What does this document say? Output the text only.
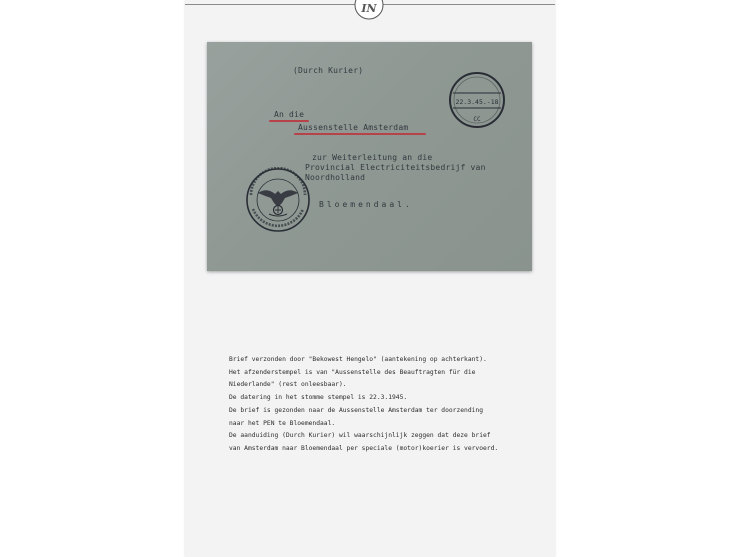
IN
(Durch Kurier)
An die
Aussenstelle Amsterdam
zur Weiterleitung an die
Provincial Electriciteitsbedrijf van
Noordholland
Bloemendaal.
22.3.45.-18
CC
Brief verzonden door "Bekowest Hengelo" (aantekening op achterkant).
Het afzenderstempel is van "Aussenstelle des Beauftragten für die
Niederlande" (rest onleesbaar).
De datering in het stomme stempel is 22.3.1945.
De brief is gezonden naar de Aussenstelle Amsterdam ter doorzending
naar het PEN te Bloemendaal.
De aanduiding (Durch Kurier) wil waarschijnlijk zeggen dat deze brief
van Amsterdam naar Bloemendaal per speciale (motor)koerier is vervoerd.
